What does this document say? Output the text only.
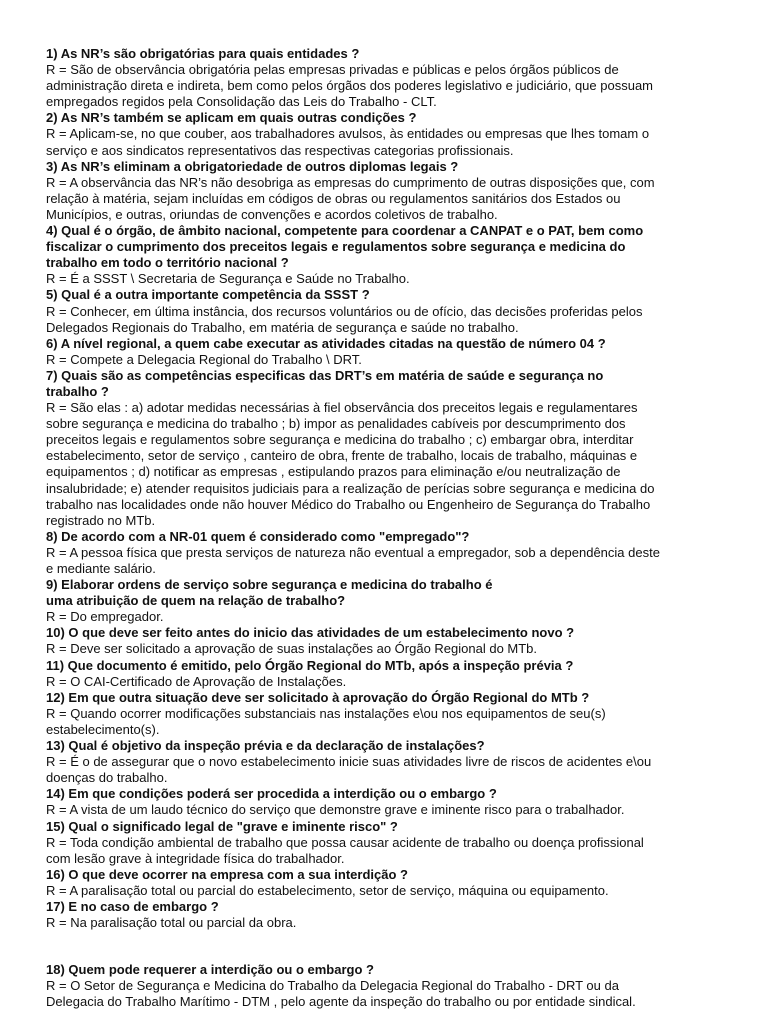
1) As NR’s são obrigatórias para quais entidades ?
R = São de observância obrigatória pelas empresas privadas e públicas e pelos órgãos públicos de
administração direta e indireta, bem como pelos órgãos dos poderes legislativo e judiciário, que possuam
empregados regidos pela Consolidação das Leis do Trabalho - CLT.
2) As NR’s também se aplicam em quais outras condições ?
R = Aplicam-se, no que couber, aos trabalhadores avulsos, às entidades ou empresas que lhes tomam o
serviço e aos sindicatos representativos das respectivas categorias profissionais.
3) As NR’s eliminam a obrigatoriedade de outros diplomas legais ?
R = A observância das NR’s não desobriga as empresas do cumprimento de outras disposições que, com
relação à matéria, sejam incluídas em códigos de obras ou regulamentos sanitários dos Estados ou
Municípios, e outras, oriundas de convenções e acordos coletivos de trabalho.
4) Qual é o órgão, de âmbito nacional, competente para coordenar a CANPAT e o PAT, bem como
fiscalizar o cumprimento dos preceitos legais e regulamentos sobre segurança e medicina do
trabalho em todo o território nacional ?
R = É a SSST \ Secretaria de Segurança e Saúde no Trabalho.
5) Qual é a outra importante competência da SSST ?
R = Conhecer, em última instância, dos recursos voluntários ou de ofício, das decisões proferidas pelos
Delegados Regionais do Trabalho, em matéria de segurança e saúde no trabalho.
6) A nível regional, a quem cabe executar as atividades citadas na questão de número 04 ?
R = Compete a Delegacia Regional do Trabalho \ DRT.
7) Quais são as competências especificas das DRT’s em matéria de saúde e segurança no
trabalho ?
R = São elas : a) adotar medidas necessárias à fiel observância dos preceitos legais e regulamentares
sobre segurança e medicina do trabalho ; b) impor as penalidades cabíveis por descumprimento dos
preceitos legais e regulamentos sobre segurança e medicina do trabalho ; c) embargar obra, interditar
estabelecimento, setor de serviço , canteiro de obra, frente de trabalho, locais de trabalho, máquinas e
equipamentos ; d) notificar as empresas , estipulando prazos para eliminação e/ou neutralização de
insalubridade; e) atender requisitos judiciais para a realização de perícias sobre segurança e medicina do
trabalho nas localidades onde não houver Médico do Trabalho ou Engenheiro de Segurança do Trabalho
registrado no MTb.
8) De acordo com a NR-01 quem é considerado como "empregado"?
R = A pessoa física que presta serviços de natureza não eventual a empregador, sob a dependência deste
e mediante salário.
9) Elaborar ordens de serviço sobre segurança e medicina do trabalho é
uma atribuição de quem na relação de trabalho?
R = Do empregador.
10) O que deve ser feito antes do inicio das atividades de um estabelecimento novo ?
R = Deve ser solicitado a aprovação de suas instalações ao Órgão Regional do MTb.
11) Que documento é emitido, pelo Órgão Regional do MTb, após a inspeção prévia ?
R = O CAI-Certificado de Aprovação de Instalações.
12) Em que outra situação deve ser solicitado à aprovação do Órgão Regional do MTb ?
R = Quando ocorrer modificações substanciais nas instalações e\ou nos equipamentos de seu(s)
estabelecimento(s).
13) Qual é objetivo da inspeção prévia e da declaração de instalações?
R = É o de assegurar que o novo estabelecimento inicie suas atividades livre de riscos de acidentes e\ou
doenças do trabalho.
14) Em que condições poderá ser procedida a interdição ou o embargo ?
R = A vista de um laudo técnico do serviço que demonstre grave e iminente risco para o trabalhador.
15) Qual o significado legal de "grave e iminente risco" ?
R = Toda condição ambiental de trabalho que possa causar acidente de trabalho ou doença profissional
com lesão grave à integridade física do trabalhador.
16) O que deve ocorrer na empresa com a sua interdição ?
R = A paralisação total ou parcial do estabelecimento, setor de serviço, máquina ou equipamento.
17) E no caso de embargo ?
R = Na paralisação total ou parcial da obra.
18) Quem pode requerer a interdição ou o embargo ?
R = O Setor de Segurança e Medicina do Trabalho da Delegacia Regional do Trabalho - DRT ou da
Delegacia do Trabalho Marítimo - DTM , pelo agente da inspeção do trabalho ou por entidade sindical.
